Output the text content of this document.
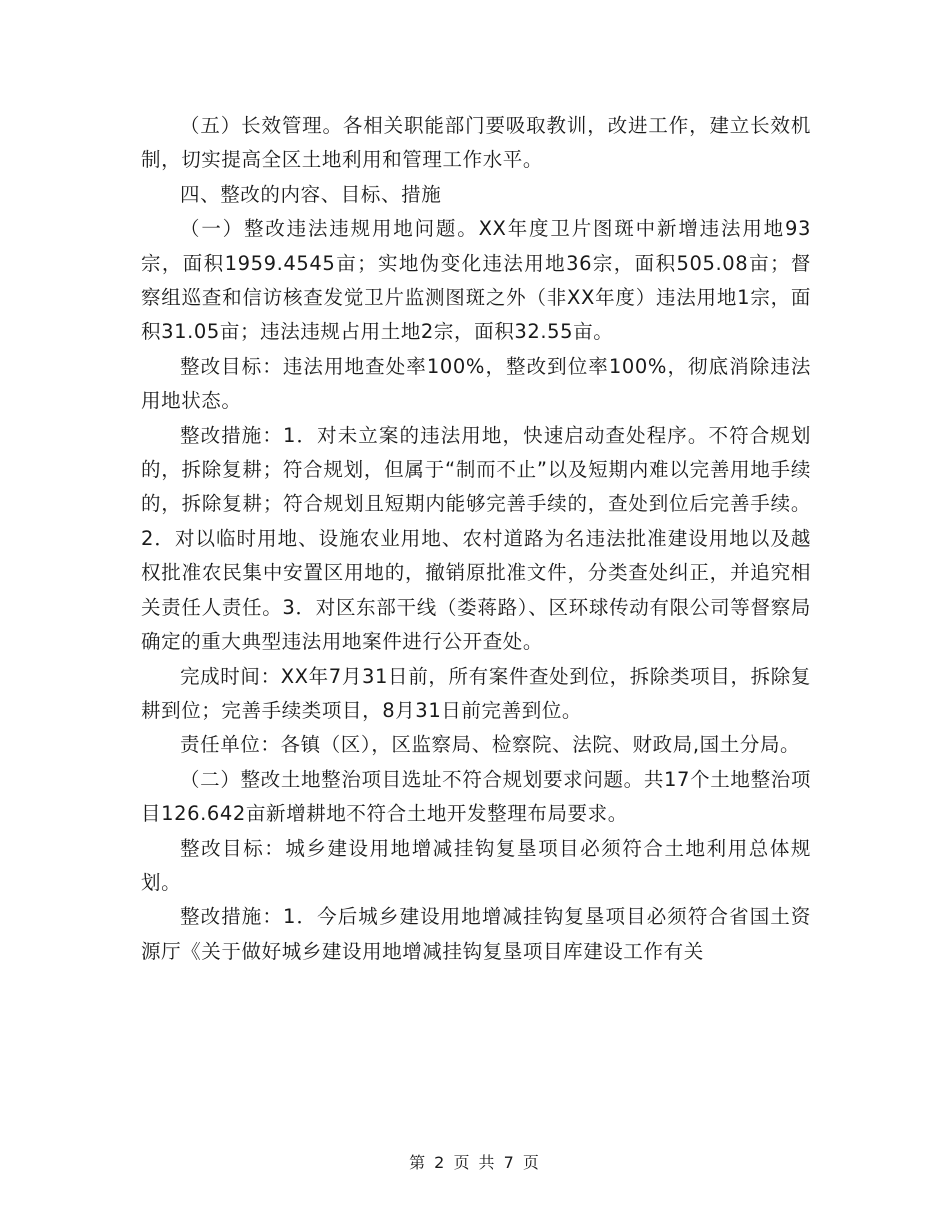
（五）长效管理。各相关职能部门要吸取教训，改进工作，建立长效机制，切实提高全区土地利用和管理工作水平。

四、整改的内容、目标、措施

（一）整改违法违规用地问题。XX年度卫片图斑中新增违法用地93宗，面积1959.4545亩；实地伪变化违法用地36宗，面积505.08亩；督察组巡查和信访核查发觉卫片监测图斑之外（非XX年度）违法用地1宗，面积31.05亩；违法违规占用土地2宗，面积32.55亩。

整改目标：违法用地查处率100%，整改到位率100%，彻底消除违法用地状态。

整改措施：1．对未立案的违法用地，快速启动查处程序。不符合规划的，拆除复耕；符合规划，但属于“制而不止”以及短期内难以完善用地手续的，拆除复耕；符合规划且短期内能够完善手续的，查处到位后完善手续。2．对以临时用地、设施农业用地、农村道路为名违法批准建设用地以及越权批准农民集中安置区用地的，撤销原批准文件，分类查处纠正，并追究相关责任人责任。3．对区东部干线（娄蒋路）、区环球传动有限公司等督察局确定的重大典型违法用地案件进行公开查处。

完成时间：XX年7月31日前，所有案件查处到位，拆除类项目，拆除复耕到位；完善手续类项目，8月31日前完善到位。

责任单位：各镇（区），区监察局、检察院、法院、财政局,国土分局。

（二）整改土地整治项目选址不符合规划要求问题。共17个土地整治项目126.642亩新增耕地不符合土地开发整理布局要求。

整改目标：城乡建设用地增减挂钩复垦项目必须符合土地利用总体规划。

整改措施：1．今后城乡建设用地增减挂钩复垦项目必须符合省国土资源厅《关于做好城乡建设用地增减挂钩复垦项目库建设工作有关

第 2 页 共 7 页
